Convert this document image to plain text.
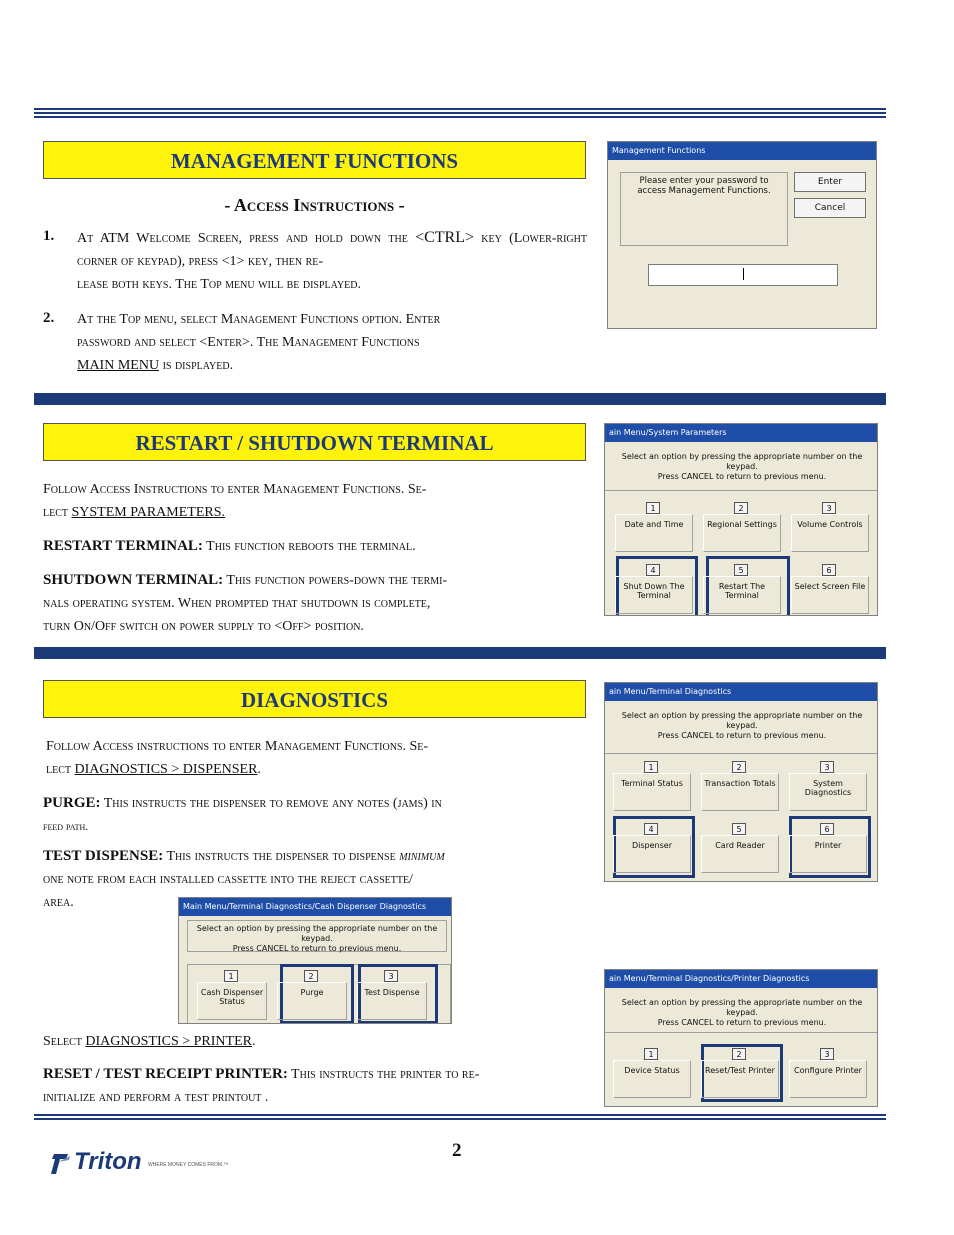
MANAGEMENT FUNCTIONS
- Access Instructions -
1. At ATM Welcome Screen, press and hold down the <CTRL> key (Lower-right corner of keypad), press <1> key, then re-
lease both keys. The Top menu will be displayed.
2. At the Top menu, select Management Functions option. Enter
password and select <Enter>. The Management Functions
MAIN MENU is displayed.
Management Functions
Please enter your password to access Management Functions.
Enter
Cancel
RESTART / SHUTDOWN TERMINAL
Follow Access Instructions to enter Management Functions. Se-
lect SYSTEM PARAMETERS.
RESTART TERMINAL: This function reboots the terminal.
SHUTDOWN TERMINAL: This function powers-down the termi-
nals operating system. When prompted that shutdown is complete,
turn On/Off switch on power supply to <Off> position.
ain Menu/System Parameters
Select an option by pressing the appropriate number on the keypad.
Press CANCEL to return to previous menu.
1
Date and Time
2
Regional Settings
3
Volume Controls
4
Shut Down The Terminal
5
Restart The Terminal
6
Select Screen File
DIAGNOSTICS
Follow Access instructions to enter Management Functions. Se-
lect DIAGNOSTICS > DISPENSER.
PURGE: This instructs the dispenser to remove any notes (jams) in
feed path.
TEST DISPENSE: This instructs the dispenser to dispense minimum
one note from each installed cassette into the reject cassette/
area.
ain Menu/Terminal Diagnostics
Select an option by pressing the appropriate number on the keypad.
Press CANCEL to return to previous menu.
1
Terminal Status
2
Transaction Totals
3
System Diagnostics
4
Dispenser
5
Card Reader
6
Printer
Main Menu/Terminal Diagnostics/Cash Dispenser Diagnostics
Select an option by pressing the appropriate number on the keypad.
Press CANCEL to return to previous menu.
1
Cash Dispenser Status
2
Purge
3
Test Dispense
Select DIAGNOSTICS > PRINTER.
RESET / TEST RECEIPT PRINTER: This instructs the printer to re-
initialize and perform a test printout .
ain Menu/Terminal Diagnostics/Printer Diagnostics
Select an option by pressing the appropriate number on the keypad.
Press CANCEL to return to previous menu.
1
Device Status
2
Reset/Test Printer
3
Configure Printer
Triton WHERE MONEY COMES FROM.™
2
